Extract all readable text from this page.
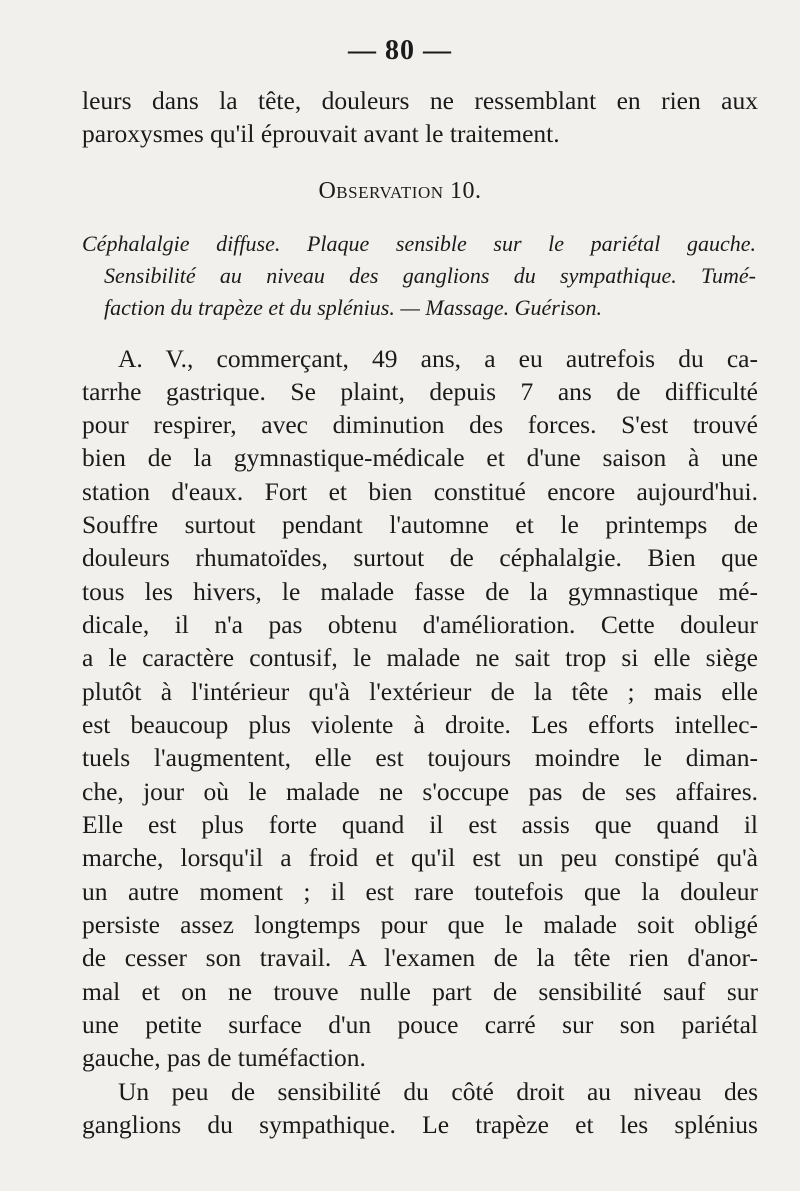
— 80 —
leurs dans la tête, douleurs ne ressemblant en rien aux
paroxysmes qu'il éprouvait avant le traitement.
Observation 10.
Céphalalgie diffuse. Plaque sensible sur le pariétal gauche.
Sensibilité au niveau des ganglions du sympathique. Tumé-
faction du trapèze et du splénius. — Massage. Guérison.
A. V., commerçant, 49 ans, a eu autrefois du ca-
tarrhe gastrique. Se plaint, depuis 7 ans de difficulté
pour respirer, avec diminution des forces. S'est trouvé
bien de la gymnastique-médicale et d'une saison à une
station d'eaux. Fort et bien constitué encore aujourd'hui.
Souffre surtout pendant l'automne et le printemps de
douleurs rhumatoïdes, surtout de céphalalgie. Bien que
tous les hivers, le malade fasse de la gymnastique mé-
dicale, il n'a pas obtenu d'amélioration. Cette douleur
a le caractère contusif, le malade ne sait trop si elle siège
plutôt à l'intérieur qu'à l'extérieur de la tête ; mais elle
est beaucoup plus violente à droite. Les efforts intellec-
tuels l'augmentent, elle est toujours moindre le diman-
che, jour où le malade ne s'occupe pas de ses affaires.
Elle est plus forte quand il est assis que quand il
marche, lorsqu'il a froid et qu'il est un peu constipé qu'à
un autre moment ; il est rare toutefois que la douleur
persiste assez longtemps pour que le malade soit obligé
de cesser son travail. A l'examen de la tête rien d'anor-
mal et on ne trouve nulle part de sensibilité sauf sur
une petite surface d'un pouce carré sur son pariétal
gauche, pas de tuméfaction.
Un peu de sensibilité du côté droit au niveau des
ganglions du sympathique. Le trapèze et les splénius
